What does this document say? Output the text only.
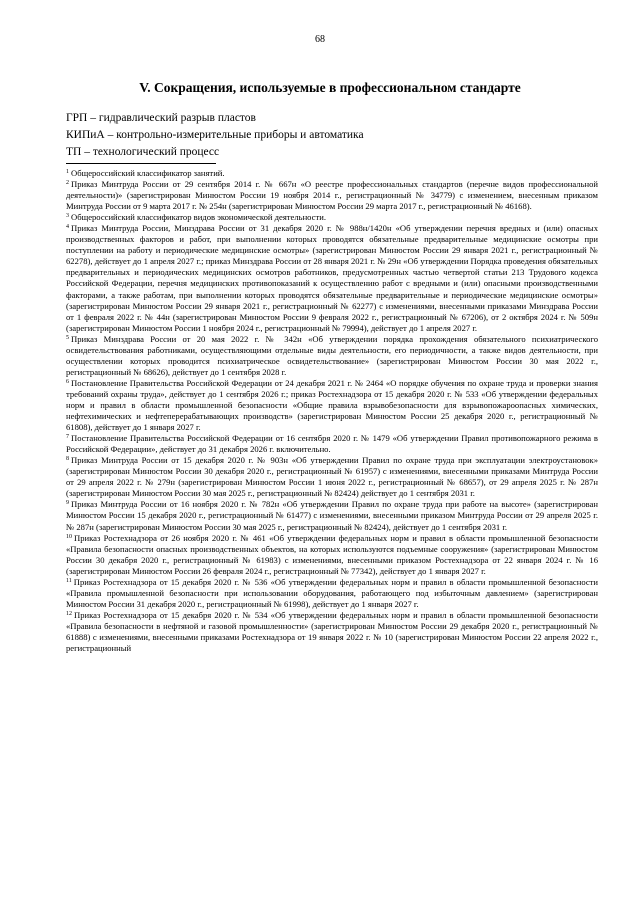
68
V. Сокращения, используемые в профессиональном стандарте
ГРП – гидравлический разрыв пластов
КИПиА – контрольно-измерительные приборы и автоматика
ТП – технологический процесс

$^1$ Общероссийский классификатор занятий.

$^2$ Приказ Минтруда России от 29 сентября 2014 г. № 667н «О реестре профессиональных стандартов (перечне видов профессиональной деятельности)» (зарегистрирован Минюстом России 19 ноября 2014 г., регистрационный № 34779) с изменением, внесенным приказом Минтруда России от 9 марта 2017 г. № 254н (зарегистрирован Минюстом России 29 марта 2017 г., регистрационный № 46168).

$^3$ Общероссийский классификатор видов экономической деятельности.

$^4$ Приказ Минтруда России, Минздрава России от 31 декабря 2020 г. № 988н/1420н «Об утверждении перечня вредных и (или) опасных производственных факторов и работ, при выполнении которых проводятся обязательные предварительные медицинские осмотры при поступлении на работу и периодические медицинские осмотры» (зарегистрирован Минюстом России 29 января 2021 г., регистрационный № 62278), действует до 1 апреля 2027 г.; приказ Минздрава России от 28 января 2021 г. № 29н «Об утверждении Порядка проведения обязательных предварительных и периодических медицинских осмотров работников, предусмотренных частью четвертой статьи 213 Трудового кодекса Российской Федерации, перечня медицинских противопоказаний к осуществлению работ с вредными и (или) опасными производственными факторами, а также работам, при выполнении которых проводятся обязательные предварительные и периодические медицинские осмотры» (зарегистрирован Минюстом России 29 января 2021 г., регистрационный № 62277) с изменениями, внесенными приказами Минздрава России от 1 февраля 2022 г. № 44н (зарегистрирован Минюстом России 9 февраля 2022 г., регистрационный № 67206), от 2 октября 2024 г. № 509н (зарегистрирован Минюстом России 1 ноября 2024 г., регистрационный № 79994), действует до 1 апреля 2027 г.

$^5$ Приказ Минздрава России от 20 мая 2022 г. № 342н «Об утверждении порядка прохождения обязательного психиатрического освидетельствования работниками, осуществляющими отдельные виды деятельности, его периодичности, а также видов деятельности, при осуществлении которых проводится психиатрическое освидетельствование» (зарегистрирован Минюстом России 30 мая 2022 г., регистрационный № 68626), действует до 1 сентября 2028 г.

$^6$ Постановление Правительства Российской Федерации от 24 декабря 2021 г. № 2464 «О порядке обучения по охране труда и проверки знания требований охраны труда», действует до 1 сентября 2026 г.; приказ Ростехнадзора от 15 декабря 2020 г. № 533 «Об утверждении федеральных норм и правил в области промышленной безопасности «Общие правила взрывобезопасности для взрывопожароопасных химических, нефтехимических и нефтеперерабатывающих производств» (зарегистрирован Минюстом России 25 декабря 2020 г., регистрационный № 61808), действует до 1 января 2027 г.

$^7$ Постановление Правительства Российской Федерации от 16 сентября 2020 г. № 1479 «Об утверждении Правил противопожарного режима в Российской Федерации», действует до 31 декабря 2026 г. включительно.

$^8$ Приказ Минтруда России от 15 декабря 2020 г. № 903н «Об утверждении Правил по охране труда при эксплуатации электроустановок» (зарегистрирован Минюстом России 30 декабря 2020 г., регистрационный № 61957) с изменениями, внесенными приказами Минтруда России от 29 апреля 2022 г. № 279н (зарегистрирован Минюстом России 1 июня 2022 г., регистрационный № 68657), от 29 апреля 2025 г. № 287н (зарегистрирован Минюстом России 30 мая 2025 г., регистрационный № 82424) действует до 1 сентября 2031 г.

$^9$ Приказ Минтруда России от 16 ноября 2020 г. № 782н «Об утверждении Правил по охране труда при работе на высоте» (зарегистрирован Минюстом России 15 декабря 2020 г., регистрационный № 61477) с изменениями, внесенными приказом Минтруда России от 29 апреля 2025 г. № 287н (зарегистрирован Минюстом России 30 мая 2025 г., регистрационный № 82424), действует до 1 сентября 2031 г.

$^{10}$ Приказ Ростехнадзора от 26 ноября 2020 г. № 461 «Об утверждении федеральных норм и правил в области промышленной безопасности «Правила безопасности опасных производственных объектов, на которых используются подъемные сооружения» (зарегистрирован Минюстом России 30 декабря 2020 г., регистрационный № 61983) с изменениями, внесенными приказом Ростехнадзора от 22 января 2024 г. № 16 (зарегистрирован Минюстом России 26 февраля 2024 г., регистрационный № 77342), действует до 1 января 2027 г.

$^{11}$ Приказ Ростехнадзора от 15 декабря 2020 г. № 536 «Об утверждении федеральных норм и правил в области промышленной безопасности «Правила промышленной безопасности при использовании оборудования, работающего под избыточным давлением» (зарегистрирован Минюстом России 31 декабря 2020 г., регистрационный № 61998), действует до 1 января 2027 г.

$^{12}$ Приказ Ростехнадзора от 15 декабря 2020 г. № 534 «Об утверждении федеральных норм и правил в области промышленной безопасности «Правила безопасности в нефтяной и газовой промышленности» (зарегистрирован Минюстом России 29 декабря 2020 г., регистрационный № 61888) с изменениями, внесенными приказами Ростехнадзора от 19 января 2022 г. № 10 (зарегистрирован Минюстом России 22 апреля 2022 г., регистрационный
